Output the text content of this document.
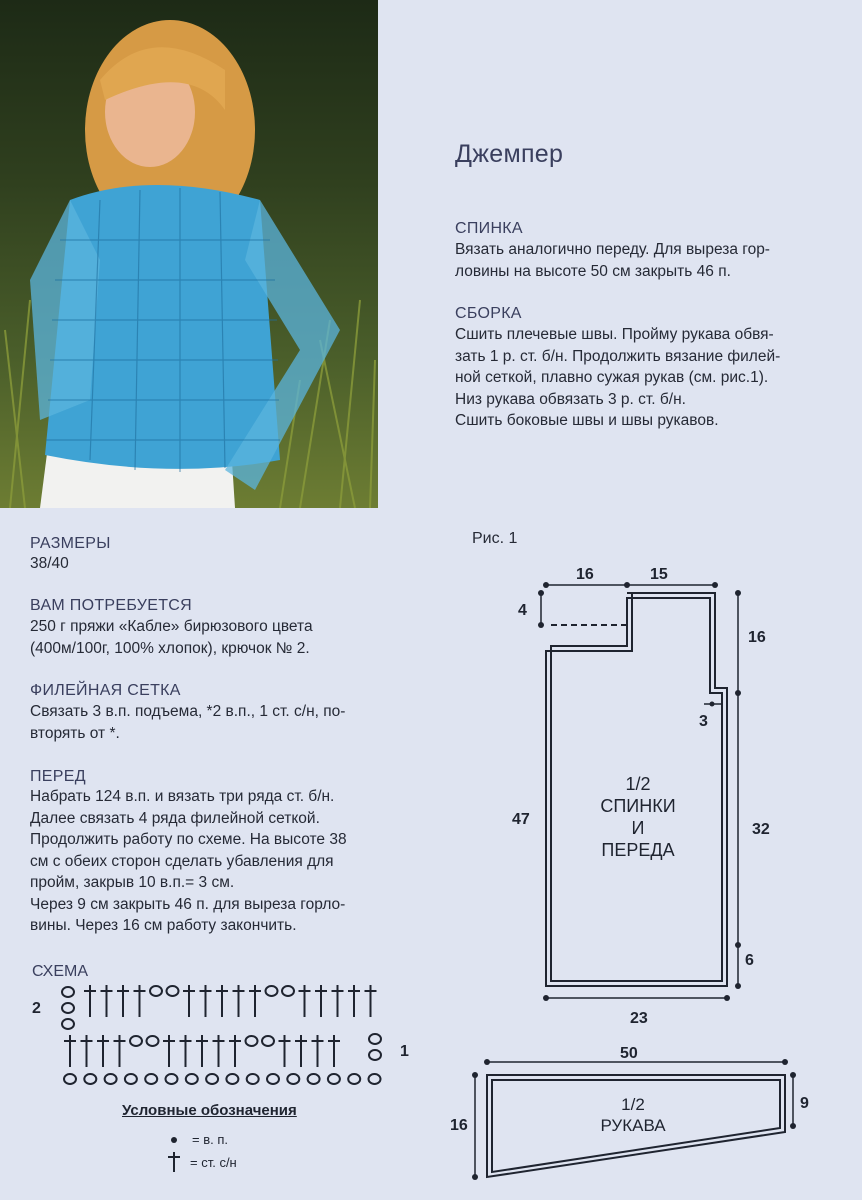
Джемпер
СПИНКА
Вязать аналогично переду. Для выреза гор-
ловины на высоте 50 см закрыть 46 п.
СБОРКА
Сшить плечевые швы. Пройму рукава обвя-
зать 1 р. ст. б/н. Продолжить вязание филей-
ной сеткой, плавно сужая рукав (см. рис.1).
Низ рукава обвязать 3 р. ст. б/н.
Сшить боковые швы и швы рукавов.
РАЗМЕРЫ
38/40
ВАМ ПОТРЕБУЕТСЯ
250 г пряжи «Кабле» бирюзового цвета
(400м/100г, 100% хлопок), крючок № 2.
ФИЛЕЙНАЯ СЕТКА
Связать 3 в.п. подъема, *2 в.п., 1 ст. с/н, по-
вторять от *.
ПЕРЕД
Набрать 124 в.п. и вязать три ряда ст. б/н.
Далее связать 4 ряда филейной сеткой.
Продолжить работу по схеме. На высоте 38
см с обеих сторон сделать убавления для
пройм, закрыв 10 в.п.= 3 см.
Через 9 см закрыть 46 п. для выреза горло-
вины. Через 16 см работу закончить.
СХЕМА
2
1
Условные обозначения
= в. п.
= ст. с/н
Рис. 1
16	15
4
16
3
47
32
6
23
1/2
СПИНКИ
И
ПЕРЕДА
50
16
9
1/2
РУКАВА
